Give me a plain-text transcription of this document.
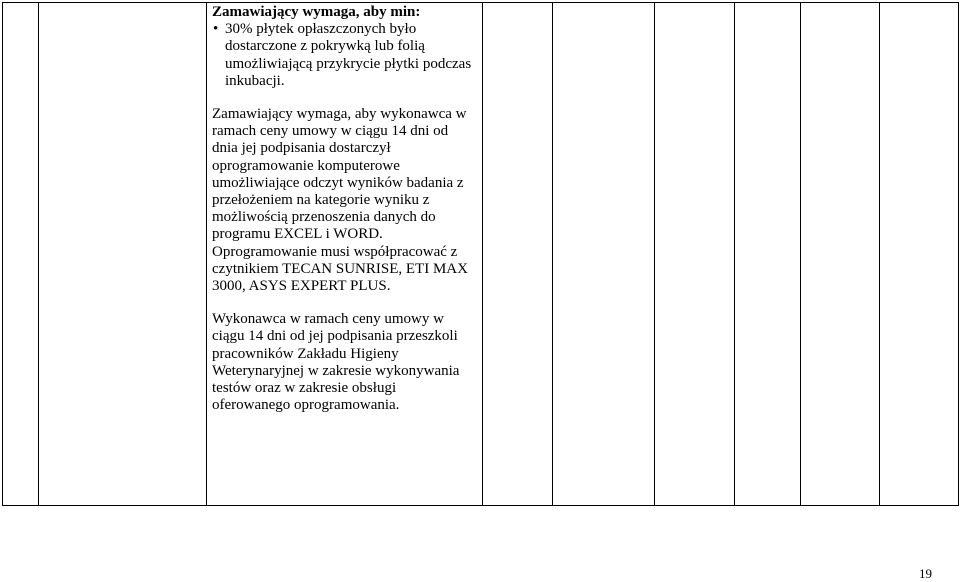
Zamawiający wymaga, aby min:

• 30% płytek opłaszczonych było dostarczone z pokrywką lub folią umożliwiającą przykrycie płytki podczas inkubacji.

Zamawiający wymaga, aby wykonawca w ramach ceny umowy w ciągu 14 dni od dnia jej podpisania dostarczył oprogramowanie komputerowe umożliwiające odczyt wyników badania z przełożeniem na kategorie wyniku z możliwością przenoszenia danych do programu EXCEL i WORD. Oprogramowanie musi współpracować z czytnikiem TECAN SUNRISE, ETI MAX 3000, ASYS EXPERT PLUS.

Wykonawca w ramach ceny umowy w ciągu 14 dni od jej podpisania przeszkoli pracowników Zakładu Higieny Weterynaryjnej w zakresie wykonywania testów oraz w zakresie obsługi oferowanego oprogramowania.

19
